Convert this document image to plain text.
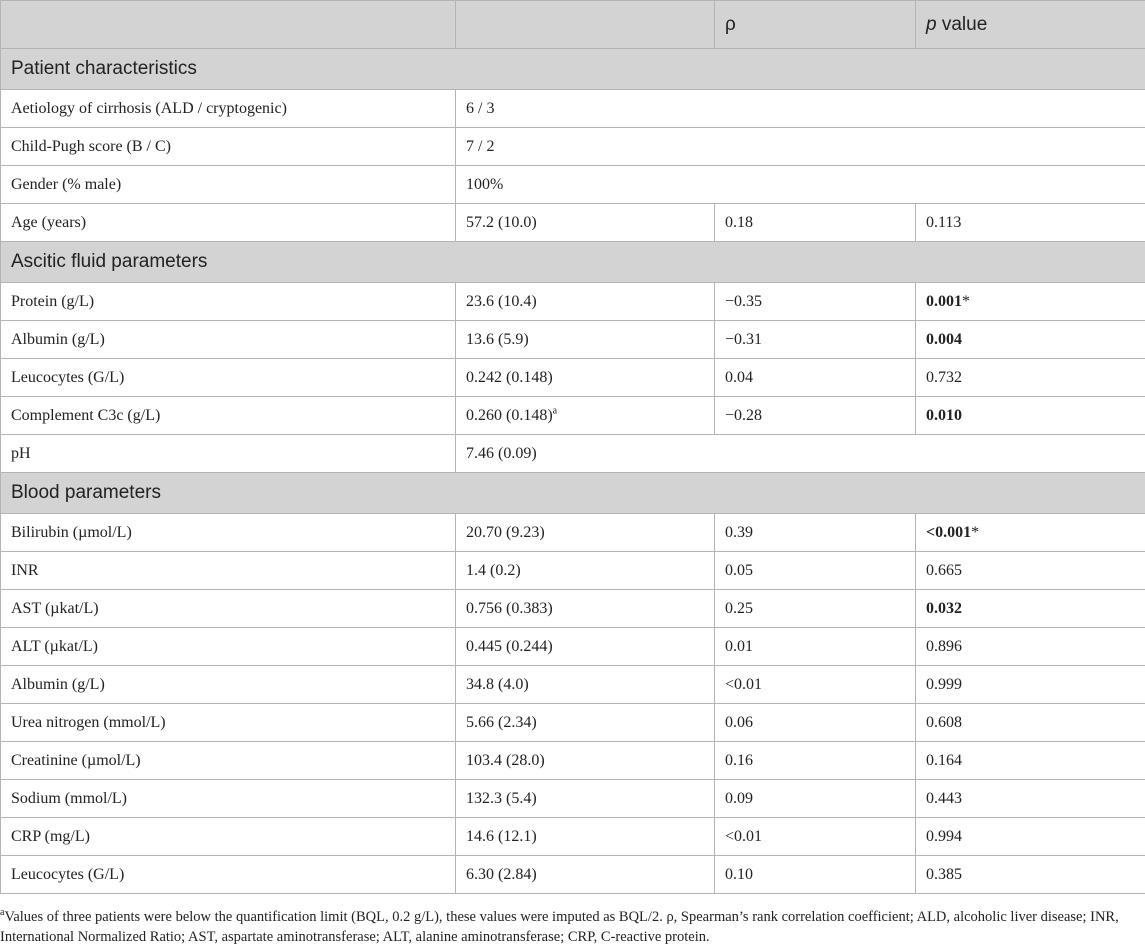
		ρ	p value
Patient characteristics			
Aetiology of cirrhosis (ALD / cryptogenic)	6 / 3		
Child-Pugh score (B / C)	7 / 2		
Gender (% male)	100%		
Age (years)	57.2 (10.0)	0.18	0.113
Ascitic fluid parameters			
Protein (g/L)	23.6 (10.4)	−0.35	0.001*
Albumin (g/L)	13.6 (5.9)	−0.31	0.004
Leucocytes (G/L)	0.242 (0.148)	0.04	0.732
Complement C3c (g/L)	0.260 $(0.148)^a$	−0.28	0.010
pH	7.46 (0.09)		
Blood parameters			
Bilirubin (µmol/L)	20.70 (9.23)	0.39	<0.001*
INR	1.4 (0.2)	0.05	0.665
AST (µkat/L)	0.756 (0.383)	0.25	0.032
ALT (µkat/L)	0.445 (0.244)	0.01	0.896
Albumin (g/L)	34.8 (4.0)	<0.01	0.999
Urea nitrogen (mmol/L)	5.66 (2.34)	0.06	0.608
Creatinine (µmol/L)	103.4 (28.0)	0.16	0.164
Sodium (mmol/L)	132.3 (5.4)	0.09	0.443
CRP (mg/L)	14.6 (12.1)	<0.01	0.994
Leucocytes (G/L)	6.30 (2.84)	0.10	0.385
$^a$Values of three patients were below the quantification limit (BQL, 0.2 g/L), these values were imputed as BQL/2. ρ, Spearman’s rank correlation coefficient; ALD, alcoholic liver disease; INR, International Normalized Ratio; AST, aspartate aminotransferase; ALT, alanine aminotransferase; CRP, C-reactive protein.
